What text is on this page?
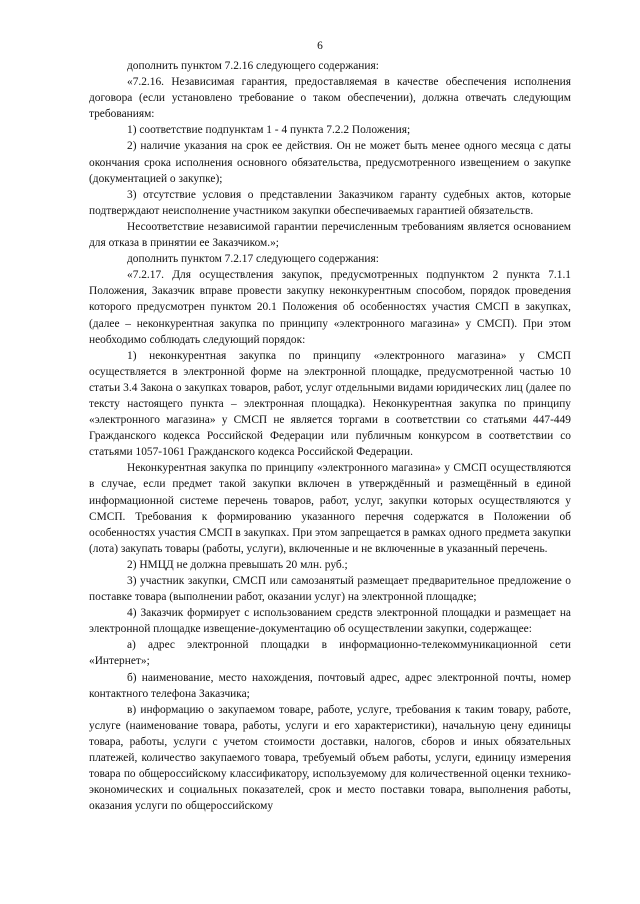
6

дополнить пунктом 7.2.16 следующего содержания:

«7.2.16. Независимая гарантия, предоставляемая в качестве обеспечения исполнения договора (если установлено требование о таком обеспечении), должна отвечать следующим требованиям:

1) соответствие подпунктам 1 - 4 пункта 7.2.2 Положения;

2) наличие указания на срок ее действия. Он не может быть менее одного месяца с даты окончания срока исполнения основного обязательства, предусмотренного извещением о закупке (документацией о закупке);

3) отсутствие условия о представлении Заказчиком гаранту судебных актов, которые подтверждают неисполнение участником закупки обеспечиваемых гарантией обязательств.

Несоответствие независимой гарантии перечисленным требованиям является основанием для отказа в принятии ее Заказчиком.»;

дополнить пунктом 7.2.17 следующего содержания:

«7.2.17. Для осуществления закупок, предусмотренных подпунктом 2 пункта 7.1.1 Положения, Заказчик вправе провести закупку неконкурентным способом, порядок проведения которого предусмотрен пунктом 20.1 Положения об особенностях участия СМСП в закупках, (далее – неконкурентная закупка по принципу «электронного магазина» у СМСП). При этом необходимо соблюдать следующий порядок:

1) неконкурентная закупка по принципу «электронного магазина» у СМСП осуществляется в электронной форме на электронной площадке, предусмотренной частью 10 статьи 3.4 Закона о закупках товаров, работ, услуг отдельными видами юридических лиц (далее по тексту настоящего пункта – электронная площадка). Неконкурентная закупка по принципу «электронного магазина» у СМСП не является торгами в соответствии со статьями 447-449 Гражданского кодекса Российской Федерации или публичным конкурсом в соответствии со статьями 1057-1061 Гражданского кодекса Российской Федерации.

Неконкурентная закупка по принципу «электронного магазина» у СМСП осуществляются в случае, если предмет такой закупки включен в утверждённый и размещённый в единой информационной системе перечень товаров, работ, услуг, закупки которых осуществляются у СМСП. Требования к формированию указанного перечня содержатся в Положении об особенностях участия СМСП в закупках. При этом запрещается в рамках одного предмета закупки (лота) закупать товары (работы, услуги), включенные и не включенные в указанный перечень.

2) НМЦД не должна превышать 20 млн. руб.;

3) участник закупки, СМСП или самозанятый размещает предварительное предложение о поставке товара (выполнении работ, оказании услуг) на электронной площадке;

4) Заказчик формирует с использованием средств электронной площадки и размещает на электронной площадке извещение-документацию об осуществлении закупки, содержащее:

а) адрес электронной площадки в информационно-телекоммуникационной сети «Интернет»;

б) наименование, место нахождения, почтовый адрес, адрес электронной почты, номер контактного телефона Заказчика;

в) информацию о закупаемом товаре, работе, услуге, требования к таким товару, работе, услуге (наименование товара, работы, услуги и его характеристики), начальную цену единицы товара, работы, услуги с учетом стоимости доставки, налогов, сборов и иных обязательных платежей, количество закупаемого товара, требуемый объем работы, услуги, единицу измерения товара по общероссийскому классификатору, используемому для количественной оценки технико-экономических и социальных показателей, срок и место поставки товара, выполнения работы, оказания услуги по общероссийскому
